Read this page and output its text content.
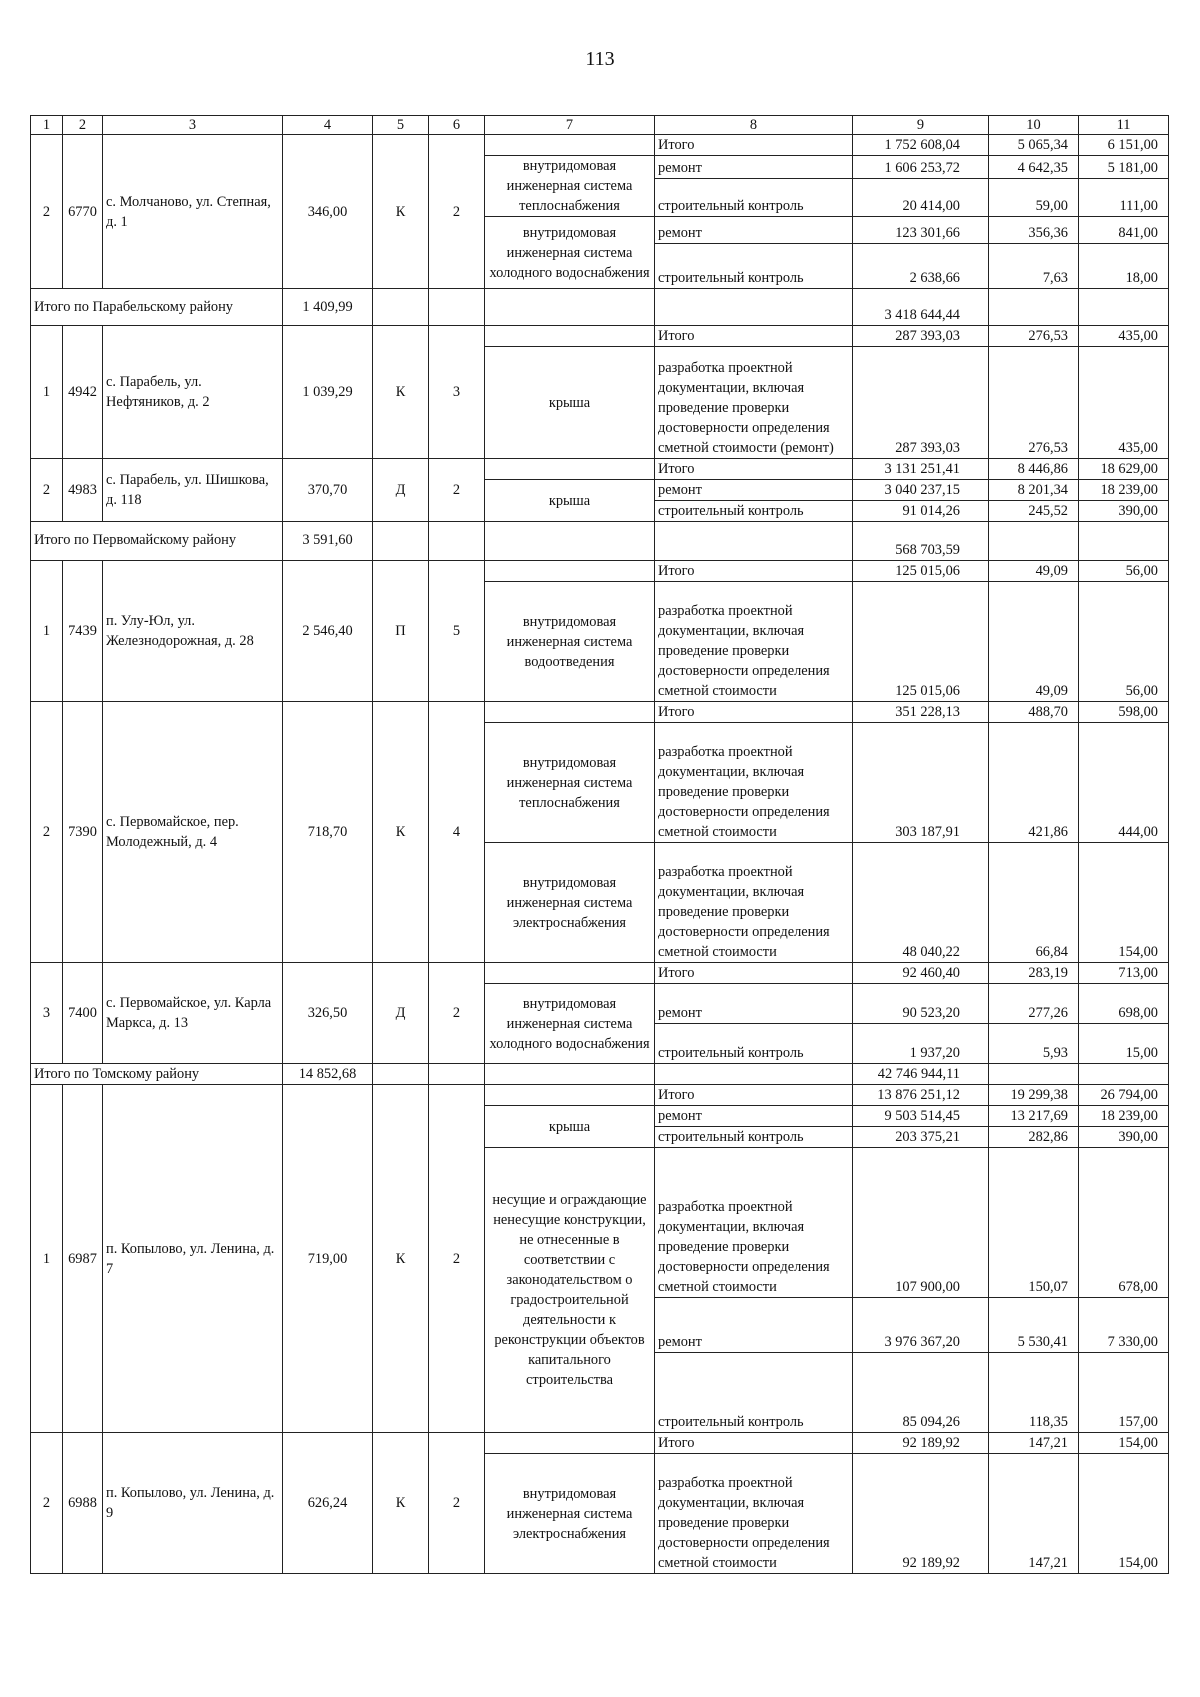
113
1	2	3	4	5	6	7	8	9	10	11
2	6770	с. Молчаново, ул. Степная, д. 1	346,00	К	2		Итого	1 752 608,04	5 065,34	6 151,00
						внутридомовая инженерная система теплоснабжения	ремонт	1 606 253,72	4 642,35	5 181,00
							строительный контроль	20 414,00	59,00	111,00
						внутридомовая инженерная система холодного водоснабжения	ремонт	123 301,66	356,36	841,00
							строительный контроль	2 638,66	7,63	18,00
Итого по Парабельскому району			1 409,99					3 418 644,44		
1	4942	с. Парабель, ул. Нефтяников, д. 2	1 039,29	К	3		Итого	287 393,03	276,53	435,00
						крыша	разработка проектной документации, включая проведение проверки достоверности определения сметной стоимости (ремонт)	287 393,03	276,53	435,00
2	4983	с. Парабель, ул. Шишкова, д. 118	370,70	Д	2		Итого	3 131 251,41	8 446,86	18 629,00
						крыша	ремонт	3 040 237,15	8 201,34	18 239,00
							строительный контроль	91 014,26	245,52	390,00
Итого по Первомайскому району			3 591,60					568 703,59		
1	7439	п. Улу-Юл, ул. Железнодорожная, д. 28	2 546,40	П	5		Итого	125 015,06	49,09	56,00
						внутридомовая инженерная система водоотведения	разработка проектной документации, включая проведение проверки достоверности определения сметной стоимости	125 015,06	49,09	56,00
2	7390	с. Первомайское, пер. Молодежный, д. 4	718,70	К	4		Итого	351 228,13	488,70	598,00
						внутридомовая инженерная система теплоснабжения	разработка проектной документации, включая проведение проверки достоверности определения сметной стоимости	303 187,91	421,86	444,00
						внутридомовая инженерная система электроснабжения	разработка проектной документации, включая проведение проверки достоверности определения сметной стоимости	48 040,22	66,84	154,00
3	7400	с. Первомайское, ул. Карла Маркса, д. 13	326,50	Д	2		Итого	92 460,40	283,19	713,00
						внутридомовая инженерная система холодного водоснабжения	ремонт	90 523,20	277,26	698,00
							строительный контроль	1 937,20	5,93	15,00
Итого по Томскому району			14 852,68					42 746 944,11		
1	6987	п. Копылово, ул. Ленина, д. 7	719,00	К	2		Итого	13 876 251,12	19 299,38	26 794,00
						крыша	ремонт	9 503 514,45	13 217,69	18 239,00
							строительный контроль	203 375,21	282,86	390,00
						несущие и ограждающие ненесущие конструкции, не отнесенные в соответствии с законодательством о градостроительной деятельности к реконструкции объектов капитального строительства	разработка проектной документации, включая проведение проверки достоверности определения сметной стоимости	107 900,00	150,07	678,00
							ремонт	3 976 367,20	5 530,41	7 330,00
							строительный контроль	85 094,26	118,35	157,00
2	6988	п. Копылово, ул. Ленина, д. 9	626,24	К	2		Итого	92 189,92	147,21	154,00
						внутридомовая инженерная система электроснабжения	разработка проектной документации, включая проведение проверки достоверности определения сметной стоимости	92 189,92	147,21	154,00
